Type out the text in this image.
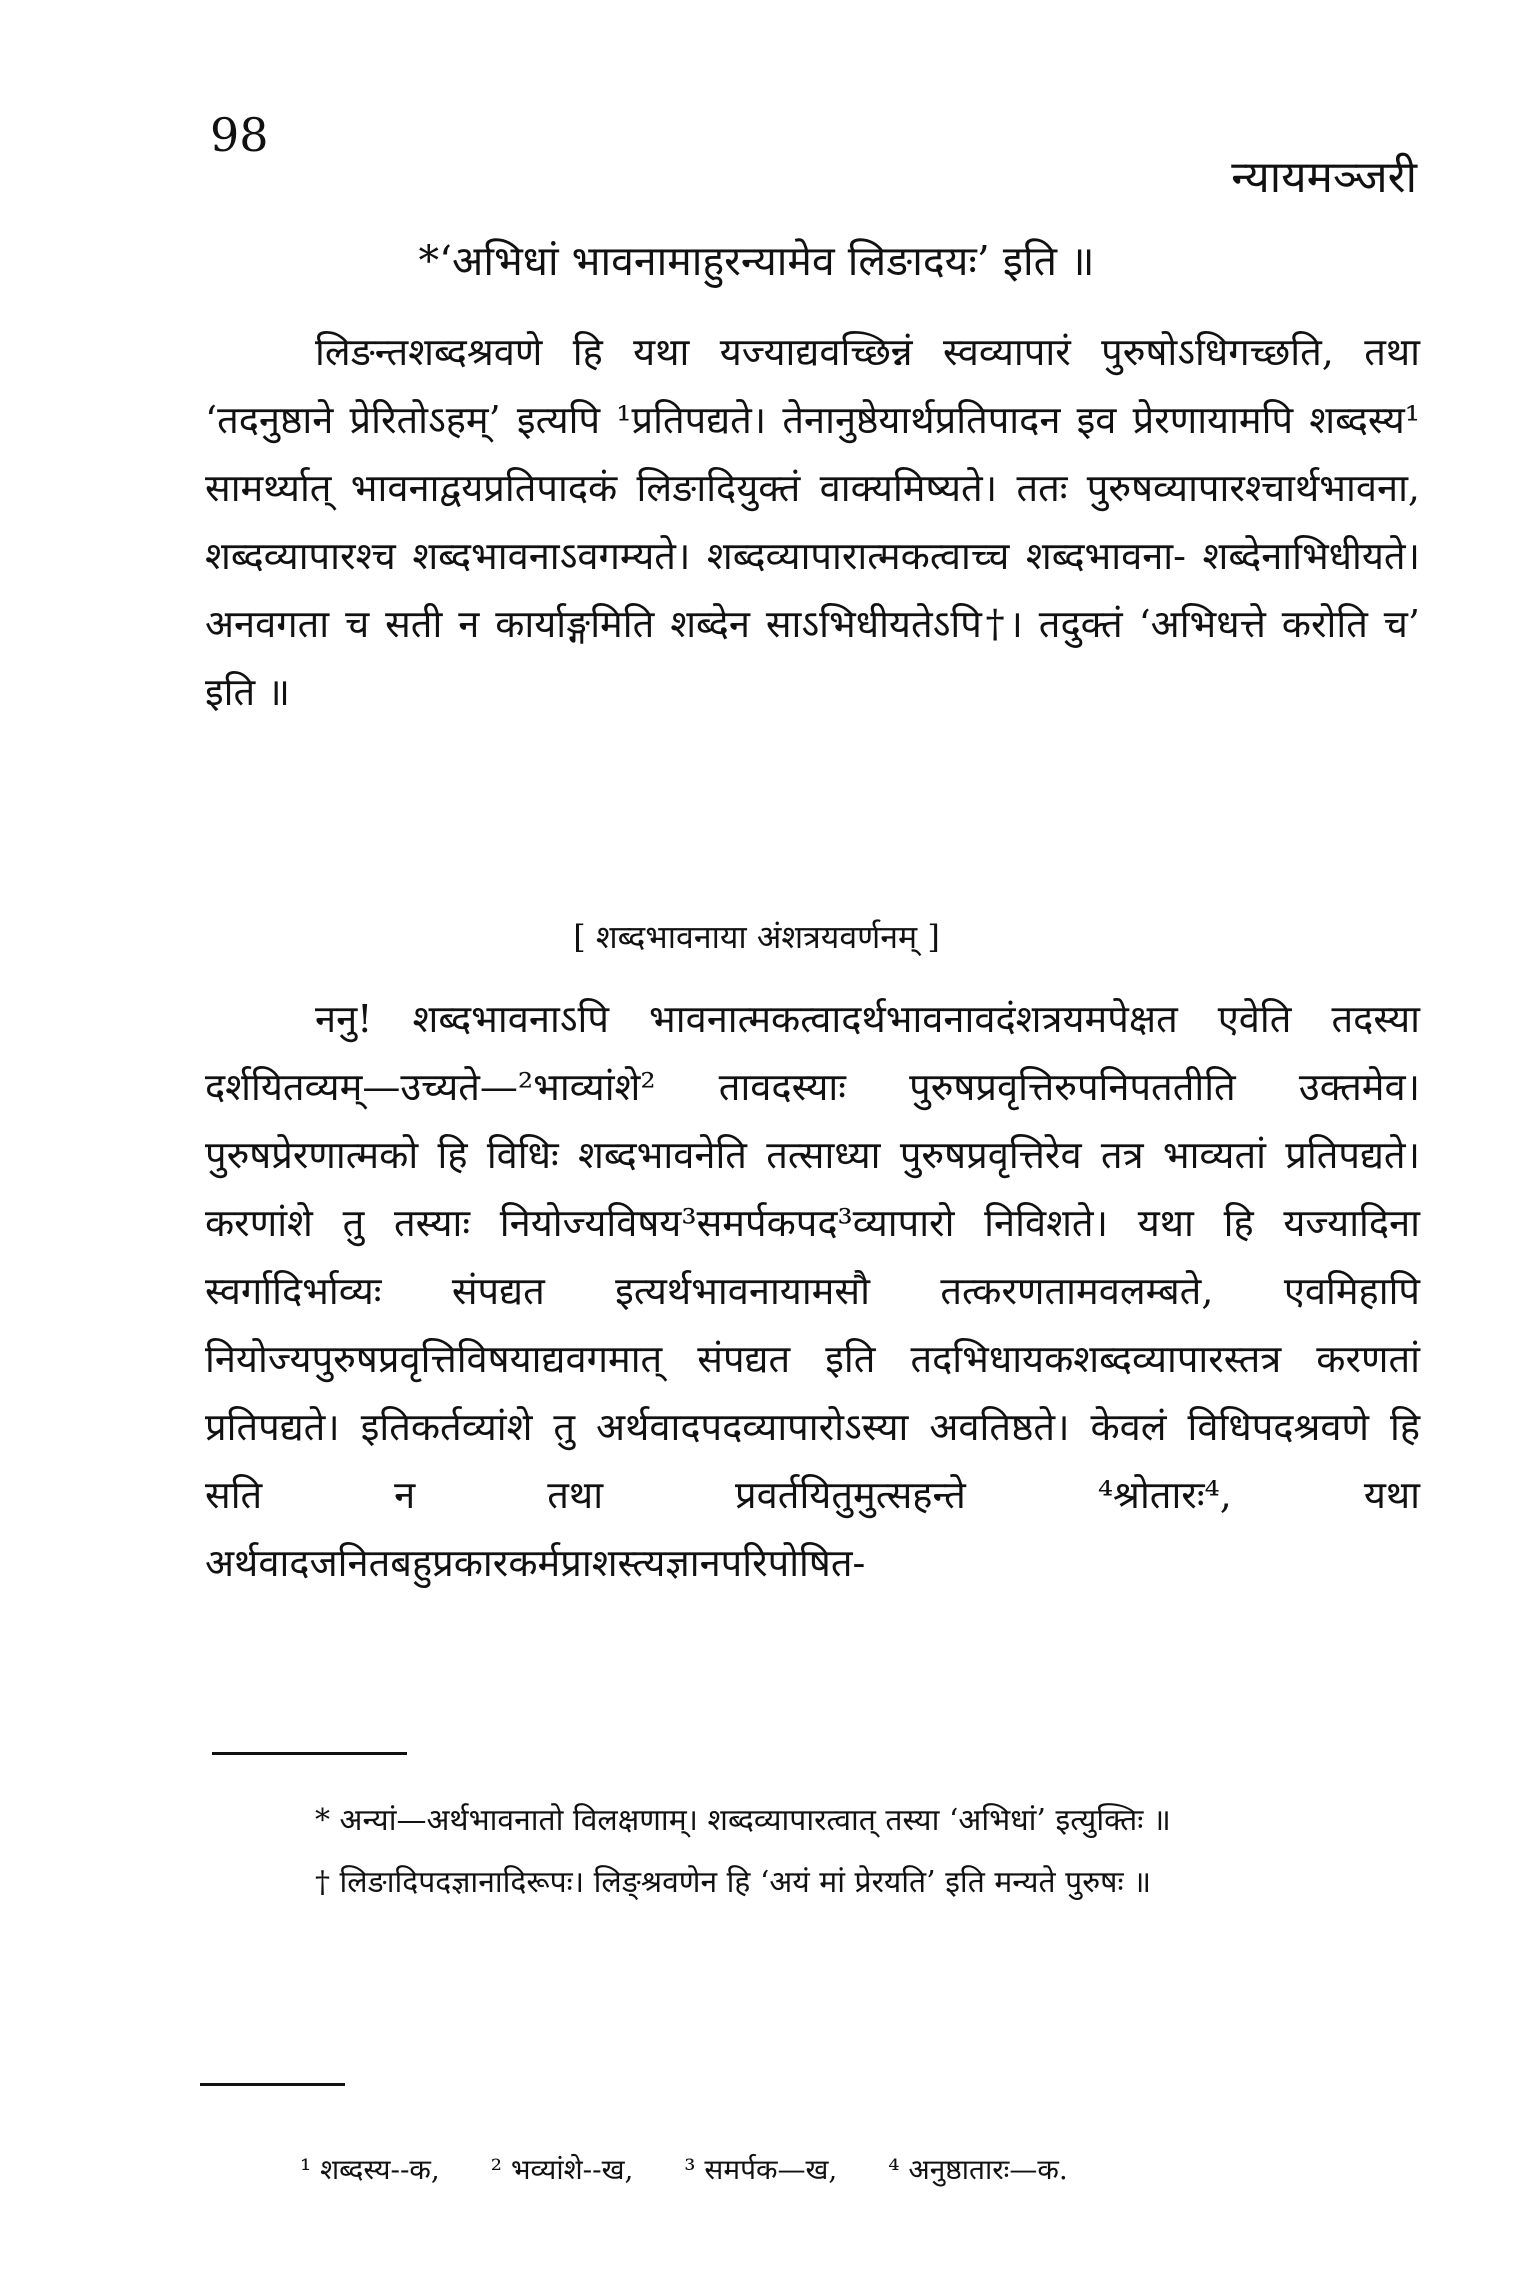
98
न्यायमञ्जरी
*‘अभिधां भावनामाहुरन्यामेव लिङादयः’ इति ॥

लिङन्तशब्दश्रवणे हि यथा यज्याद्यवच्छिन्नं स्वव्यापारं पुरुषोऽधिगच्छति, तथा ‘तदनुष्ठाने प्रेरितोऽहम्’ इत्यपि ¹प्रतिपद्यते। तेनानुष्ठेयार्थप्रतिपादन इव प्रेरणायामपि शब्दस्य¹ सामर्थ्यात् भावनाद्वयप्रतिपादकं लिङादियुक्तं वाक्यमिष्यते। ततः पुरुषव्यापारश्चार्थभावना, शब्दव्यापारश्च शब्दभावनाऽवगम्यते। शब्दव्यापारात्मकत्वाच्च शब्दभावना- शब्देनाभिधीयते। अनवगता च सती न कार्याङ्गमिति शब्देन साऽभिधीयतेऽपि†। तदुक्तं ‘अभिधत्ते करोति च’ इति ॥

[ शब्दभावनाया अंशत्रयवर्णनम् ]

ननु! शब्दभावनाऽपि भावनात्मकत्वादर्थभावनावदंशत्रयमपेक्षत एवेति तदस्या दर्शयितव्यम्—उच्यते—²भाव्यांशे² तावदस्याः पुरुषप्रवृत्तिरुपनिपततीति उक्तमेव। पुरुषप्रेरणात्मको हि विधिः शब्दभावनेति तत्साध्या पुरुषप्रवृत्तिरेव तत्र भाव्यतां प्रतिपद्यते। करणांशे तु तस्याः नियोज्यविषय³समर्पकपद³व्यापारो निविशते। यथा हि यज्यादिना स्वर्गादिर्भाव्यः संपद्यत इत्यर्थभावनायामसौ तत्करणतामवलम्बते, एवमिहापि नियोज्यपुरुषप्रवृत्तिविषयाद्यवगमात् संपद्यत इति तदभिधायकशब्दव्यापारस्तत्र करणतां प्रतिपद्यते। इतिकर्तव्यांशे तु अर्थवादपदव्यापारोऽस्या अवतिष्ठते। केवलं विधिपदश्रवणे हि सति न तथा प्रवर्तयितुमुत्सहन्ते ⁴श्रोतारः⁴, यथा अर्थवादजनितबहुप्रकारकर्मप्राशस्त्यज्ञानपरिपोषित-

* अन्यां—अर्थभावनातो विलक्षणाम्। शब्दव्यापारत्वात् तस्या ‘अभिधां’ इत्युक्तिः ॥

† लिङादिपदज्ञानादिरूपः। लिङ्श्रवणेन हि ‘अयं मां प्रेरयति’ इति मन्यते पुरुषः ॥

¹ शब्दस्य--क, ² भव्यांशे--ख, ³ समर्पक—ख, ⁴ अनुष्ठातारः—क.
